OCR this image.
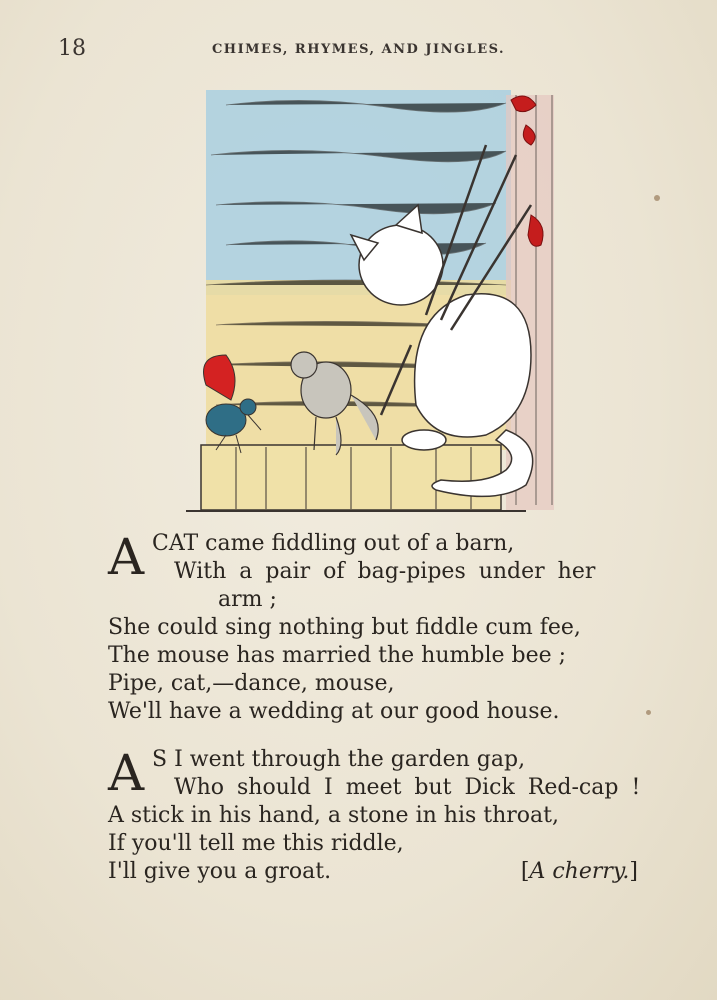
18	CHIMES, RHYMES, AND JINGLES.
A CAT came fiddling out of a barn,
With a pair of bag-pipes under her
arm ;
She could sing nothing but fiddle cum fee,
The mouse has married the humble bee ;
Pipe, cat,—dance, mouse,
We'll have a wedding at our good house.
A S I went through the garden gap,
Who should I meet but Dick Red-cap !
A stick in his hand, a stone in his throat,
If you'll tell me this riddle,
I'll give you a groat.	[A cherry.]
